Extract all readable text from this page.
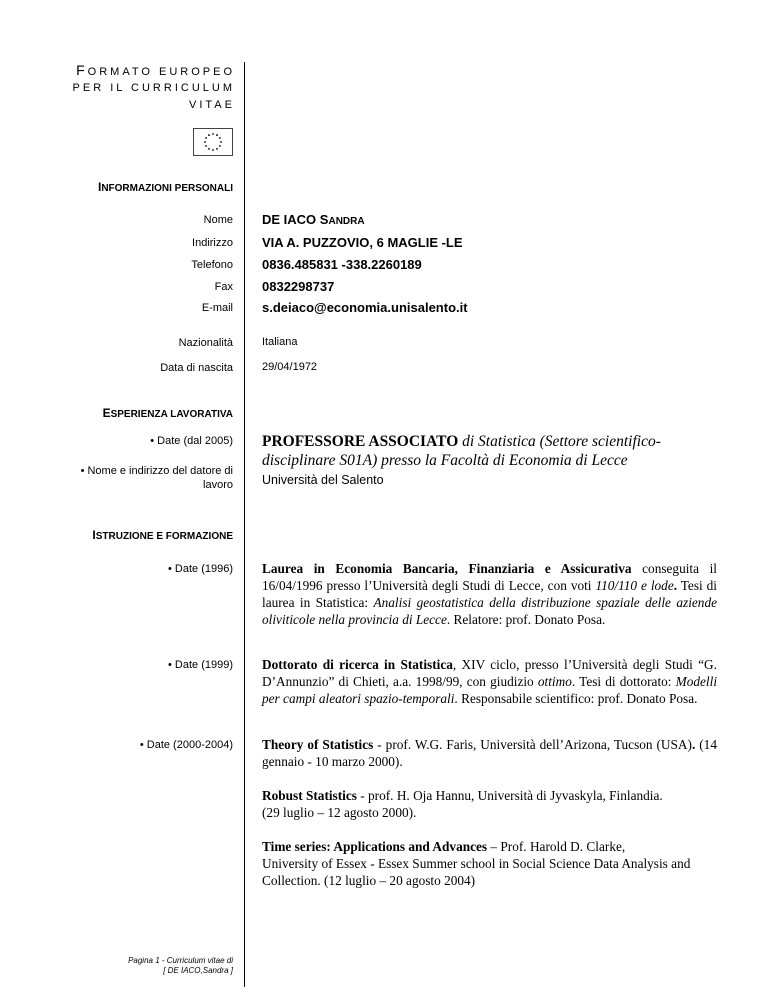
FORMATO EUROPEO
PER IL CURRICULUM
VITAE
INFORMAZIONI PERSONALI
Nome DE IACO SANDRA
Indirizzo VIA A. PUZZOVIO, 6 MAGLIE -LE
Telefono 0836.485831 -338.2260189
Fax 0832298737
E-mail s.deiaco@economia.unisalento.it
Nazionalità	Italiana
Data di nascita	29/04/1972
ESPERIENZA LAVORATIVA
• Date (dal 2005)
• Nome e indirizzo del datore di
lavoro
PROFESSORE ASSOCIATO di Statistica (Settore scientifico-disciplinare S01A) presso la Facoltà di Economia di Lecce
Università del Salento
ISTRUZIONE E FORMAZIONE
• Date (1996) Laurea in Economia Bancaria, Finanziaria e Assicurativa conseguita il 16/04/1996 presso l’Università degli Studi di Lecce, con voti 110/110 e lode. Tesi di laurea in Statistica: Analisi geostatistica della distribuzione spaziale delle aziende oliviticole nella provincia di Lecce. Relatore: prof. Donato Posa.
• Date (1999) Dottorato di ricerca in Statistica, XIV ciclo, presso l’Università degli Studi “G. D’Annunzio” di Chieti, a.a. 1998/99, con giudizio ottimo. Tesi di dottorato: Modelli per campi aleatori spazio-temporali. Responsabile scientifico: prof. Donato Posa.
• Date (2000-2004) Theory of Statistics - prof. W.G. Faris, Università dell’Arizona, Tucson (USA). (14 gennaio - 10 marzo 2000).
Robust Statistics - prof. H. Oja Hannu, Università di Jyvaskyla, Finlandia.
(29 luglio – 12 agosto 2000).
Time series: Applications and Advances – Prof. Harold D. Clarke,
University of Essex - Essex Summer school in Social Science Data Analysis and Collection. (12 luglio – 20 agosto 2004)
Pagina 1 - Curriculum vitae di
[ DE IACO,Sandra ]
